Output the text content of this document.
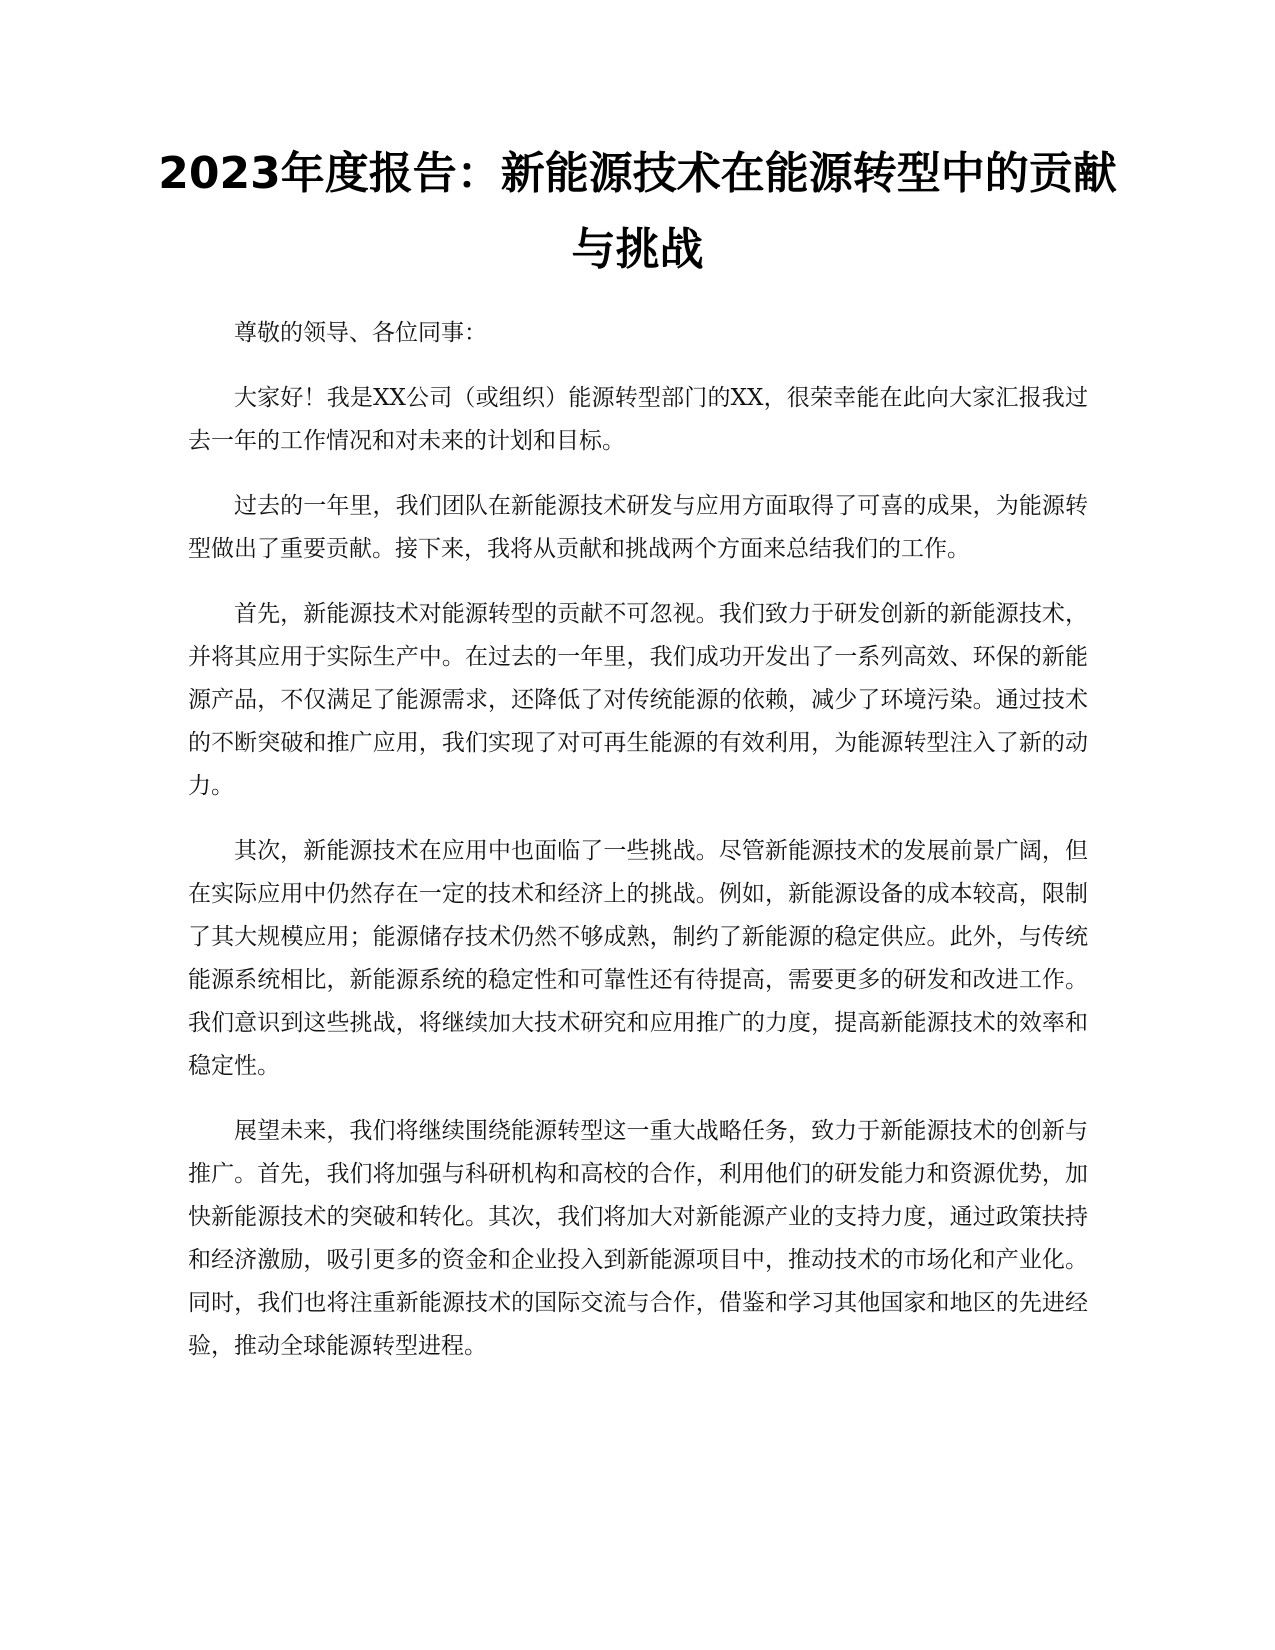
2023年度报告：新能源技术在能源转型中的贡献与挑战

尊敬的领导、各位同事：

大家好！我是XX公司（或组织）能源转型部门的XX，很荣幸能在此向大家汇报我过去一年的工作情况和对未来的计划和目标。

过去的一年里，我们团队在新能源技术研发与应用方面取得了可喜的成果，为能源转型做出了重要贡献。接下来，我将从贡献和挑战两个方面来总结我们的工作。

首先，新能源技术对能源转型的贡献不可忽视。我们致力于研发创新的新能源技术，并将其应用于实际生产中。在过去的一年里，我们成功开发出了一系列高效、环保的新能源产品，不仅满足了能源需求，还降低了对传统能源的依赖，减少了环境污染。通过技术的不断突破和推广应用，我们实现了对可再生能源的有效利用，为能源转型注入了新的动力。

其次，新能源技术在应用中也面临了一些挑战。尽管新能源技术的发展前景广阔，但在实际应用中仍然存在一定的技术和经济上的挑战。例如，新能源设备的成本较高，限制了其大规模应用；能源储存技术仍然不够成熟，制约了新能源的稳定供应。此外，与传统能源系统相比，新能源系统的稳定性和可靠性还有待提高，需要更多的研发和改进工作。我们意识到这些挑战，将继续加大技术研究和应用推广的力度，提高新能源技术的效率和稳定性。

展望未来，我们将继续围绕能源转型这一重大战略任务，致力于新能源技术的创新与推广。首先，我们将加强与科研机构和高校的合作，利用他们的研发能力和资源优势，加快新能源技术的突破和转化。其次，我们将加大对新能源产业的支持力度，通过政策扶持和经济激励，吸引更多的资金和企业投入到新能源项目中，推动技术的市场化和产业化。同时，我们也将注重新能源技术的国际交流与合作，借鉴和学习其他国家和地区的先进经验，推动全球能源转型进程。
